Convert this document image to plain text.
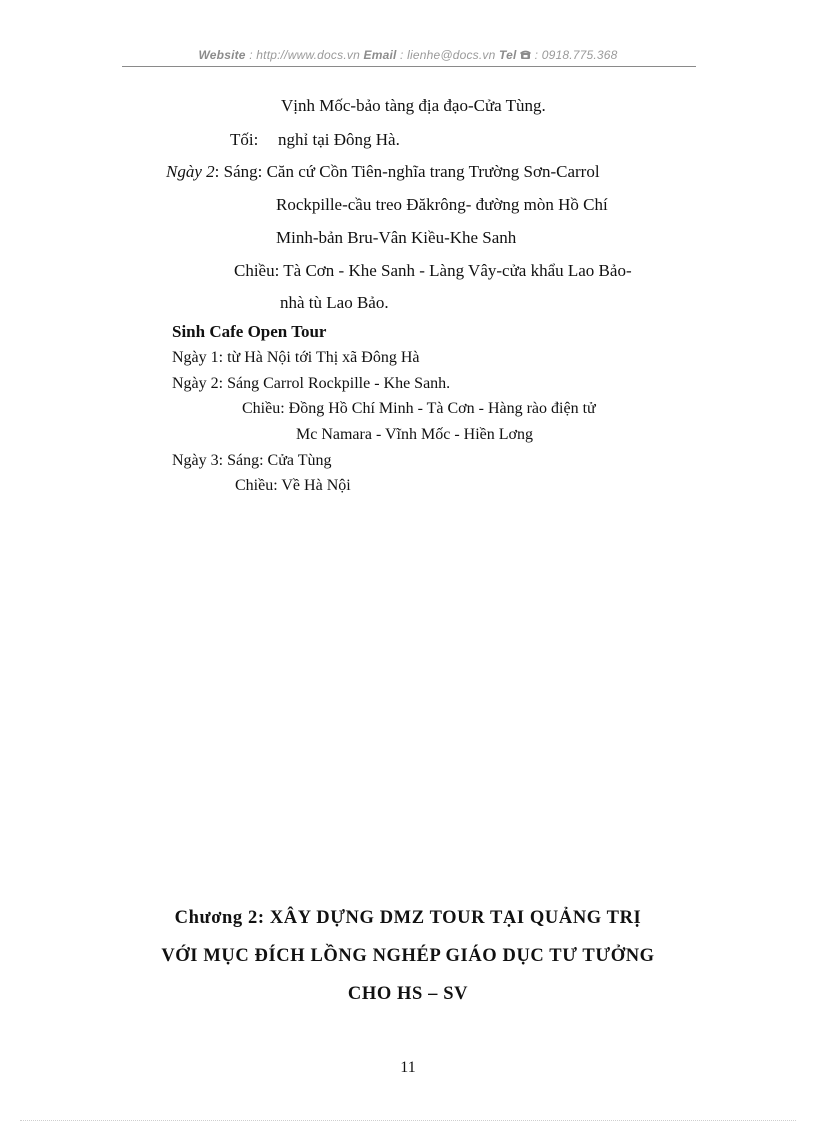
Website : http://www.docs.vn Email : lienhe@docs.vn Tel  : 0918.775.368
Vịnh Mốc-bảo tàng địa đạo-Cửa Tùng.
Tối: nghỉ tại Đông Hà.
Ngày 2: Sáng: Căn cứ Cồn Tiên-nghĩa trang Trường Sơn-Carrol
Rockpille-cầu treo Đăkrông- đường mòn Hồ Chí
Minh-bản Bru-Vân Kiều-Khe Sanh
Chiều: Tà Cơn - Khe Sanh - Làng Vây-cửa khẩu Lao Bảo-
nhà tù Lao Bảo.
Sinh Cafe Open Tour
Ngày 1: từ Hà Nội tới Thị xã Đông Hà
Ngày 2: Sáng Carrol Rockpille - Khe Sanh.
Chiều: Đồng Hồ Chí Minh - Tà Cơn - Hàng rào điện tử
Mc Namara - Vĩnh Mốc - Hiền Lơng
Ngày 3: Sáng: Cửa Tùng
Chiều: Về Hà Nội
Chương 2: XÂY DỰNG DMZ TOUR TẠI QUẢNG TRỊ
VỚI MỤC ĐÍCH LỒNG NGHÉP GIÁO DỤC TƯ TƯỞNG
CHO HS – SV
11
